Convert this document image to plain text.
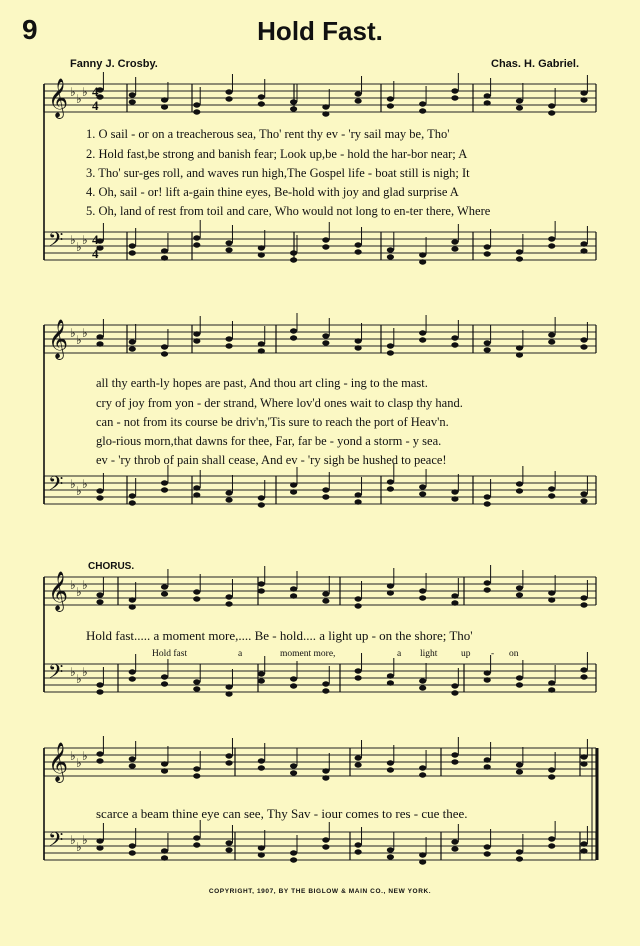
9	Hold Fast.
Fanny J. Crosby.	Chas. H. Gabriel.
𝄞 ♭ ♭ ♭
𝄢 ♭ ♭ ♭
𝄞 ♭ ♭ ♭
𝄢 ♭ ♭ ♭
𝄞 ♭ ♭ ♭
𝄢 ♭ ♭ ♭
𝄞 ♭ ♭ ♭
𝄢 ♭ ♭ ♭
4
4
4
4
1. O sail - or on a treacherous sea, Tho' rent thy ev - 'ry sail may be, Tho'
2. Hold fast,be strong and banish fear; Look up,be - hold the har-bor near; A
3. Tho' sur-ges roll, and waves run high,The Gospel life - boat still is nigh; It
4. Oh, sail - or! lift a-gain thine eyes, Be-hold with joy and glad surprise A
5. Oh, land of rest from toil and care, Who would not long to en-ter there, Where
all thy earth-ly hopes are past, And thou art cling - ing to the mast.
cry of joy from yon - der strand, Where lov'd ones wait to clasp thy hand.
can - not from its course be driv'n,'Tis sure to reach the port of Heav'n.
glo-rious morn,that dawns for thee, Far, far be - yond a storm - y sea.
ev - 'ry throb of pain shall cease, And ev - 'ry sigh be hushed to peace!
CHORUS.
Hold fast..... a moment more,.... Be - hold.... a light up - on the shore; Tho'
Hold fast	a	moment more,	a light up - on
scarce a beam thine eye can see, Thy Sav - iour comes to res - cue thee.
COPYRIGHT, 1907, BY THE BIGLOW & MAIN CO., NEW YORK.
